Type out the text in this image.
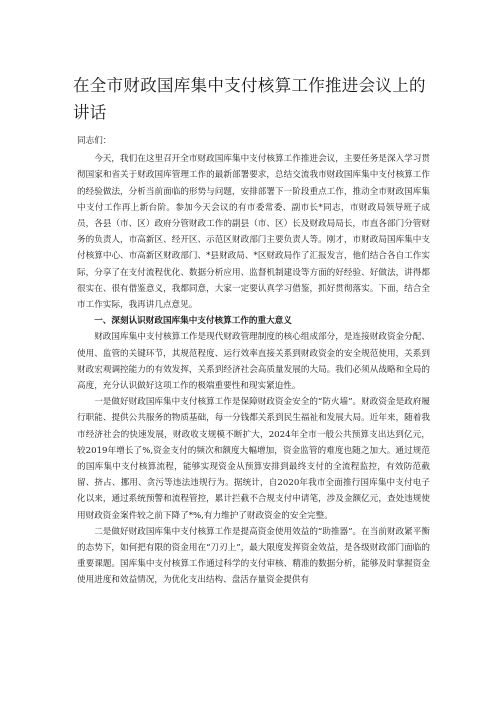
在全市财政国库集中支付核算工作推进会议上的讲话

同志们：

今天，我们在这里召开全市财政国库集中支付核算工作推进会议，主要任务是深入学习贯彻国家和省关于财政国库管理工作的最新部署要求，总结交流我市财政国库集中支付核算工作的经验做法，分析当前面临的形势与问题，安排部署下一阶段重点工作，推动全市财政国库集中支付工作再上新台阶。参加今天会议的有市委常委、副市长*同志，市财政局领导班子成员，各县（市、区）政府分管财政工作的副县（市、区）长及财政局局长，市直各部门分管财务的负责人，市高新区、经开区、示范区财政部门主要负责人等。刚才，市财政局国库集中支付核算中心、市高新区财政部门、*县财政局、*区财政局作了汇报发言，他们结合各自工作实际，分享了在支付流程优化、数据分析应用、监督机制建设等方面的好经验、好做法，讲得都很实在、很有借鉴意义，我都同意，大家一定要认真学习借鉴，抓好贯彻落实。下面，结合全市工作实际，我再讲几点意见。

一、深刻认识财政国库集中支付核算工作的重大意义

财政国库集中支付核算工作是现代财政管理制度的核心组成部分，是连接财政资金分配、使用、监管的关键环节，其规范程度、运行效率直接关系到财政资金的安全规范使用，关系到财政宏观调控能力的有效发挥，关系到经济社会高质量发展的大局。我们必须从战略和全局的高度，充分认识做好这项工作的极端重要性和现实紧迫性。

一是做好财政国库集中支付核算工作是保障财政资金安全的“防火墙”。财政资金是政府履行职能、提供公共服务的物质基础，每一分钱都关系到民生福祉和发展大局。近年来，随着我市经济社会的快速发展，财政收支规模不断扩大，2024年全市一般公共预算支出达到亿元，较2019年增长了%,资金支付的频次和额度大幅增加，资金监管的难度也随之加大。通过规范的国库集中支付核算流程，能够实现资金从预算安排到最终支付的全流程监控，有效防范截留、挤占、挪用、贪污等违法违规行为。据统计，自2020年我市全面推行国库集中支付电子化以来，通过系统预警和流程管控，累计拦截不合规支付申请笔，涉及金额亿元，查处违规使用财政资金案件较之前下降了*%,有力维护了财政资金的安全完整。

二是做好财政国库集中支付核算工作是提高资金使用效益的“助推器”。在当前财政紧平衡的态势下，如何把有限的资金用在“刀刃上”，最大限度发挥资金效益，是各级财政部门面临的重要课题。国库集中支付核算工作通过科学的支付审核、精准的数据分析，能够及时掌握资金使用进度和效益情况，为优化支出结构、盘活存量资金提供有
